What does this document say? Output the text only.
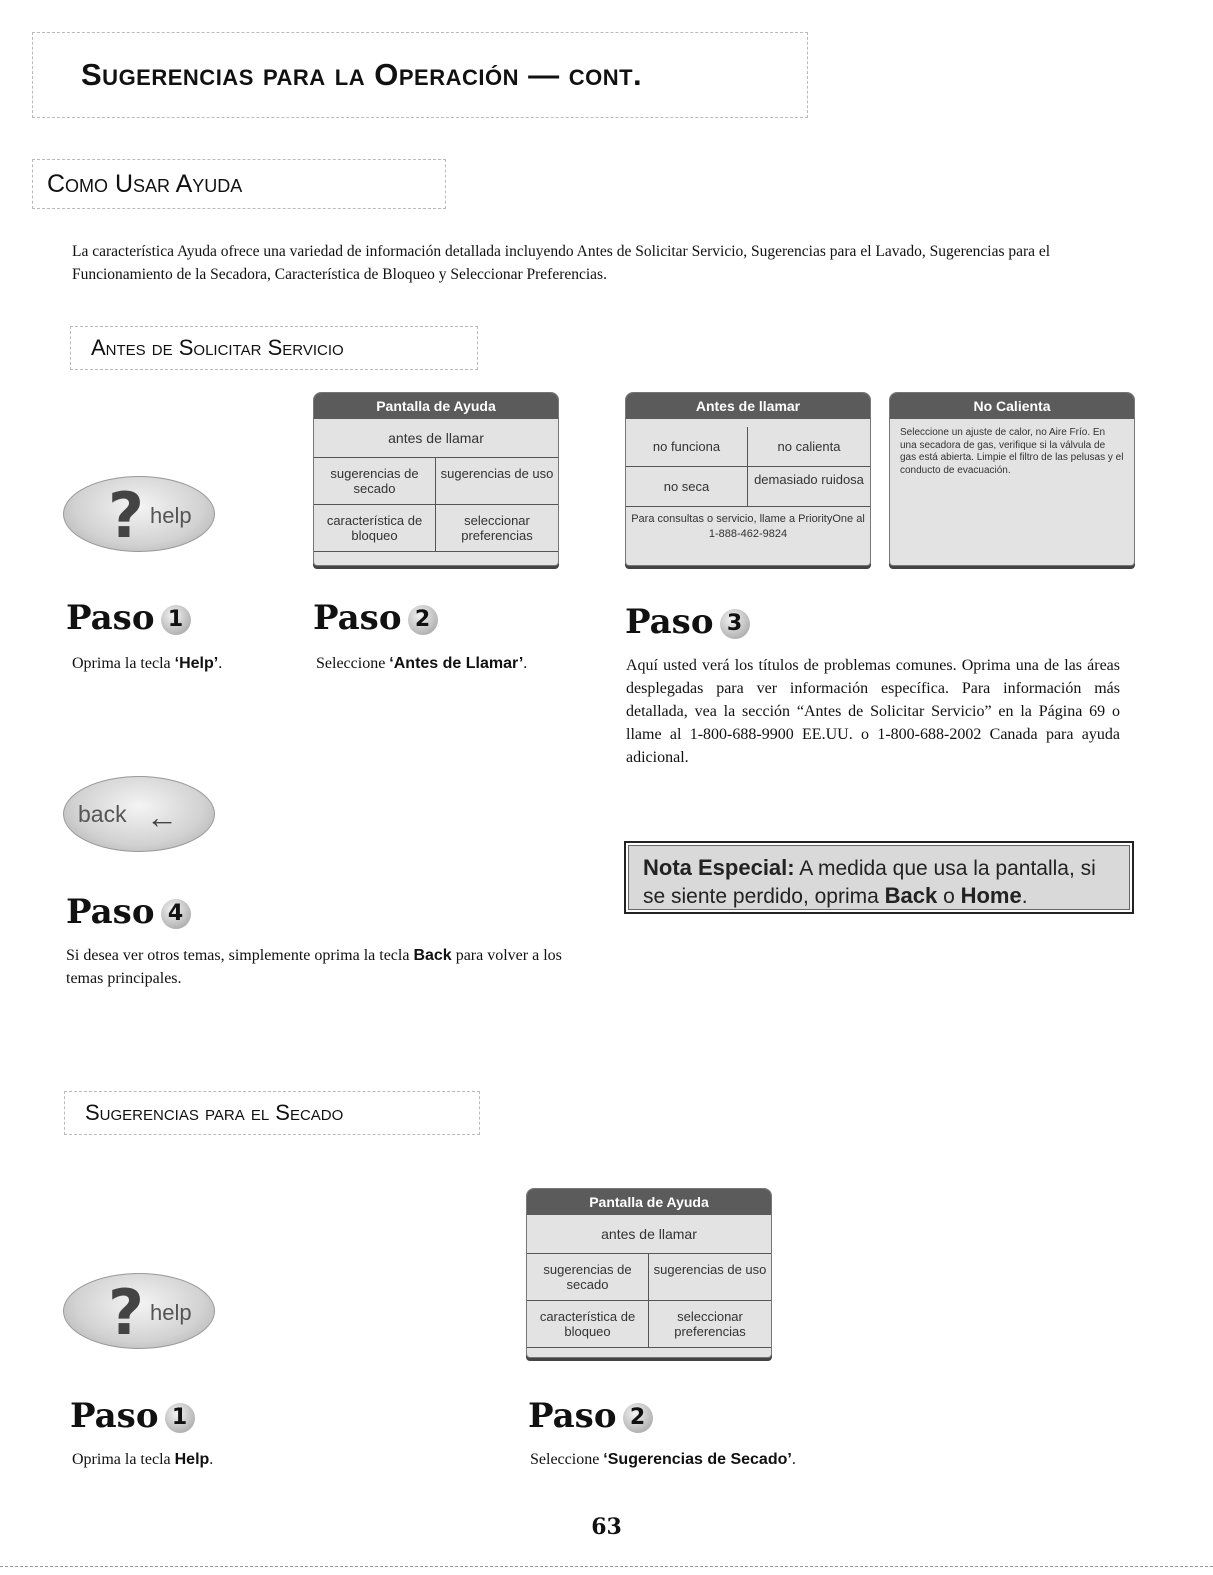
Sugerencias para la Operación — cont.
Como Usar Ayuda
La característica Ayuda ofrece una variedad de información detallada incluyendo Antes de Solicitar Servicio, Sugerencias para el Lavado, Sugerencias para el Funcionamiento de la Secadora, Característica de Bloqueo y Seleccionar Preferencias.
Antes de Solicitar Servicio
? help
Pantalla de Ayuda
antes de llamar
sugerencias de secado
sugerencias de uso
característica de bloqueo
seleccionar preferencias
Antes de llamar
no funciona	no calienta
no seca	demasiado ruidosa
Para consultas o servicio, llame a PriorityOne al 1-888-462-9824
No Calienta
Seleccione un ajuste de calor, no Aire Frío. En una secadora de gas, verifique si la válvula de gas está abierta. Limpie el filtro de las pelusas y el conducto de evacuación.
Paso 1
Oprima la tecla ‘Help’.
Paso 2
Seleccione ‘Antes de Llamar’.
Paso 3
Aquí usted verá los títulos de problemas comunes. Oprima una de las áreas desplegadas para ver información específica. Para información más detallada, vea la sección “Antes de Solicitar Servicio” en la Página 69 o llame al 1-800-688-9900 EE.UU. o 1-800-688-2002 Canada para ayuda adicional.
back ←
Paso 4
Si desea ver otros temas, simplemente oprima la tecla Back para volver a los temas principales.
Nota Especial: A medida que usa la pantalla, si se siente perdido, oprima Back o Home.
Sugerencias para el Secado
? help
Pantalla de Ayuda
antes de llamar
sugerencias de secado
sugerencias de uso
característica de bloqueo
seleccionar preferencias
Paso 1
Oprima la tecla Help.
Paso 2
Seleccione ‘Sugerencias de Secado’.
63
